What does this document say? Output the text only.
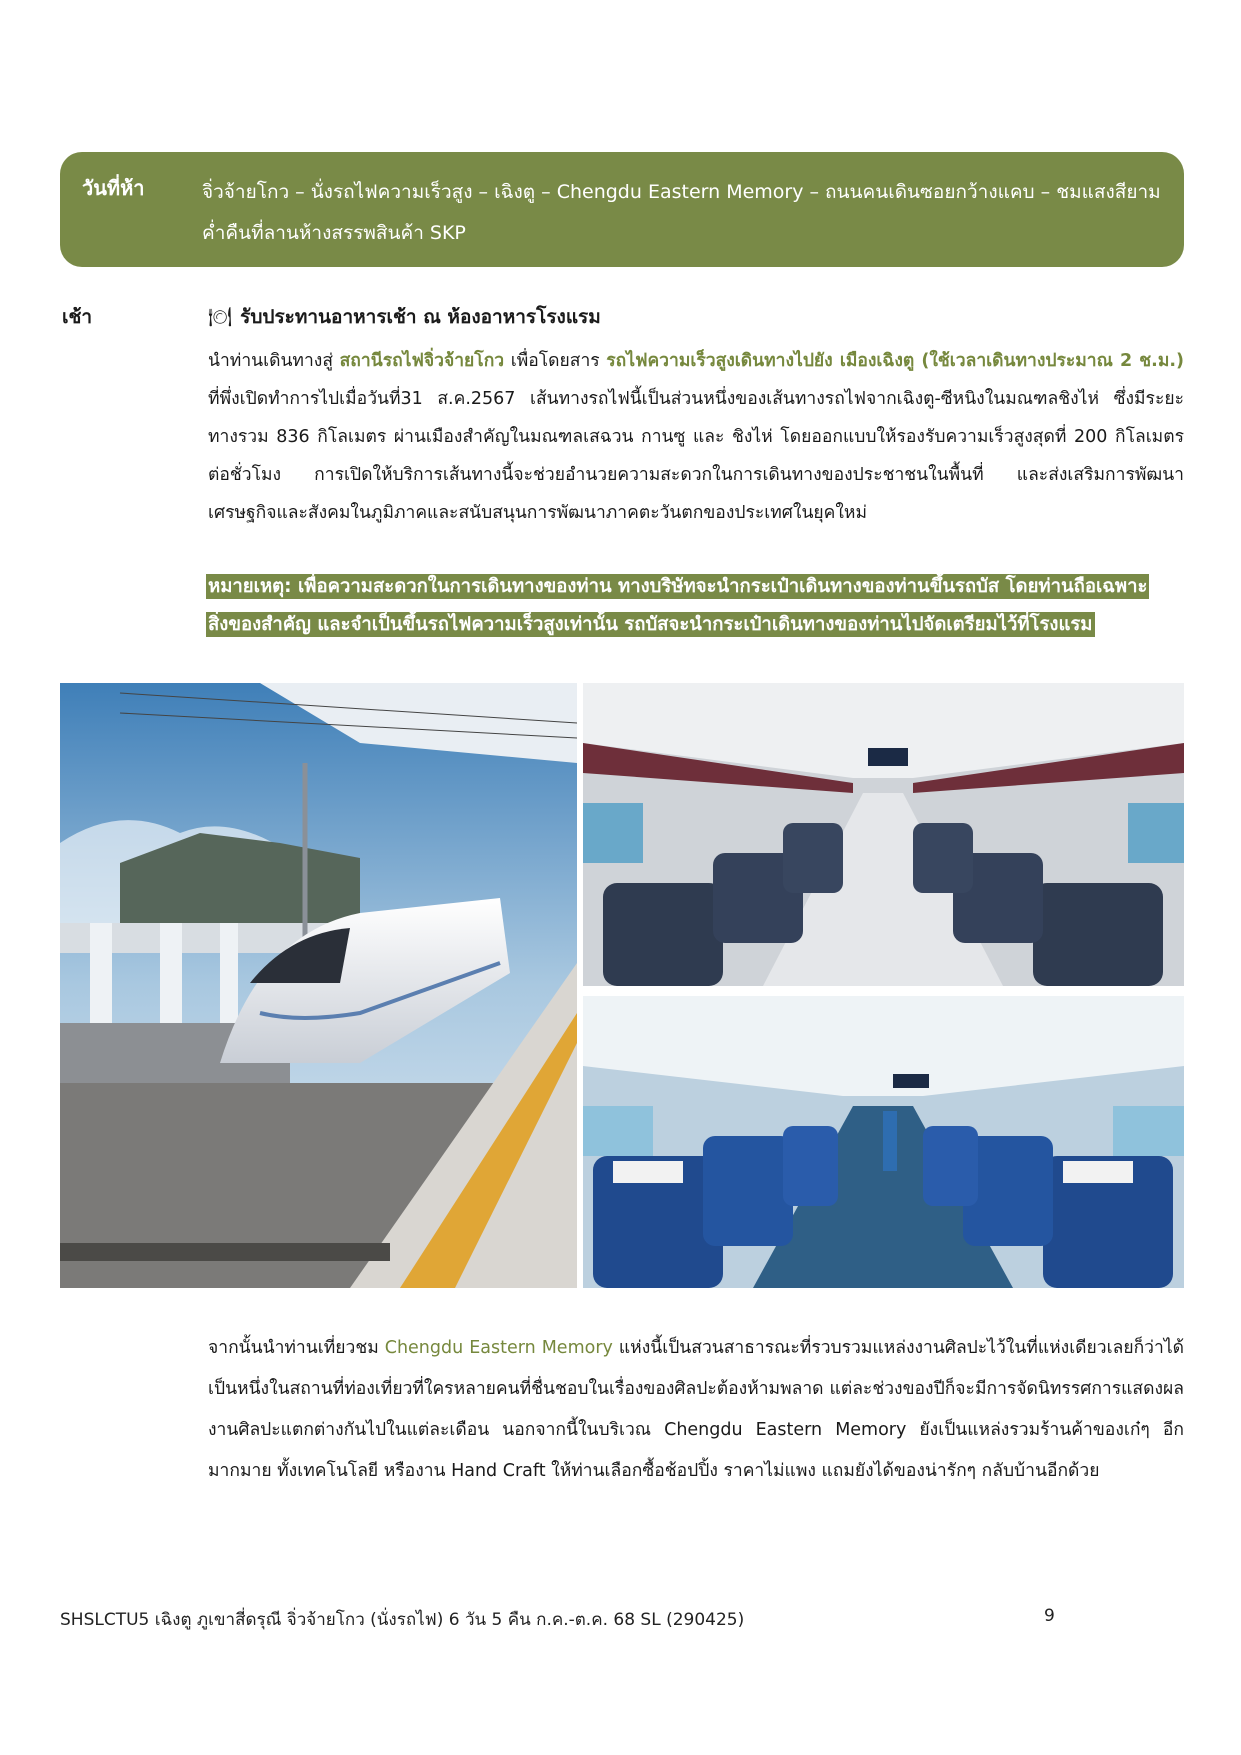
วันที่ห้า	จิ่วจ้ายโกว – นั่งรถไฟความเร็วสูง – เฉิงตู – Chengdu Eastern Memory – ถนนคนเดินซอยกว้างแคบ – ชมแสงสียามค่ำคืนที่ลานห้างสรรพสินค้า SKP
เช้า	🍽 รับประทานอาหารเช้า ณ ห้องอาหารโรงแรม
นำท่านเดินทางสู่ สถานีรถไฟจิ่วจ้ายโกว เพื่อโดยสาร รถไฟความเร็วสูงเดินทางไปยัง เมืองเฉิงตู (ใช้เวลาเดินทางประมาณ 2 ช.ม.) ที่พึ่งเปิดทำการไปเมื่อวันที่31 ส.ค.2567 เส้นทางรถไฟนี้เป็นส่วนหนึ่งของเส้นทางรถไฟจากเฉิงตู-ซีหนิงในมณฑลชิงไห่ ซึ่งมีระยะทางรวม 836 กิโลเมตร ผ่านเมืองสำคัญในมณฑลเสฉวน กานซู และ ชิงไห่ โดยออกแบบให้รองรับความเร็วสูงสุดที่ 200 กิโลเมตรต่อชั่วโมง การเปิดให้บริการเส้นทางนี้จะช่วยอำนวยความสะดวกในการเดินทางของประชาชนในพื้นที่ และส่งเสริมการพัฒนาเศรษฐกิจและสังคมในภูมิภาคและสนับสนุนการพัฒนาภาคตะวันตกของประเทศในยุคใหม่
หมายเหตุ: เพื่อความสะดวกในการเดินทางของท่าน ทางบริษัทจะนำกระเป๋าเดินทางของท่านขึ้นรถบัส โดยท่านถือเฉพาะสิ่งของสำคัญ และจำเป็นขึ้นรถไฟความเร็วสูงเท่านั้น รถบัสจะนำกระเป๋าเดินทางของท่านไปจัดเตรียมไว้ที่โรงแรม
จากนั้นนำท่านเที่ยวชม Chengdu Eastern Memory แห่งนี้เป็นสวนสาธารณะที่รวบรวมแหล่งงานศิลปะไว้ในที่แห่งเดียวเลยก็ว่าได้ เป็นหนึ่งในสถานที่ท่องเที่ยวที่ใครหลายคนที่ชื่นชอบในเรื่องของศิลปะต้องห้ามพลาด แต่ละช่วงของปีก็จะมีการจัดนิทรรศการแสดงผลงานศิลปะแตกต่างกันไปในแต่ละเดือน นอกจากนี้ในบริเวณ Chengdu Eastern Memory ยังเป็นแหล่งรวมร้านค้าของเก๋ๆ อีกมากมาย ทั้งเทคโนโลยี หรืองาน Hand Craft ให้ท่านเลือกซื้อช้อปปิ้ง ราคาไม่แพง แถมยังได้ของน่ารักๆ กลับบ้านอีกด้วย
SHSLCTU5 เฉิงตู ภูเขาสี่ดรุณี จิ่วจ้ายโกว (นั่งรถไฟ) 6 วัน 5 คืน ก.ค.-ต.ค. 68 SL (290425)	9
